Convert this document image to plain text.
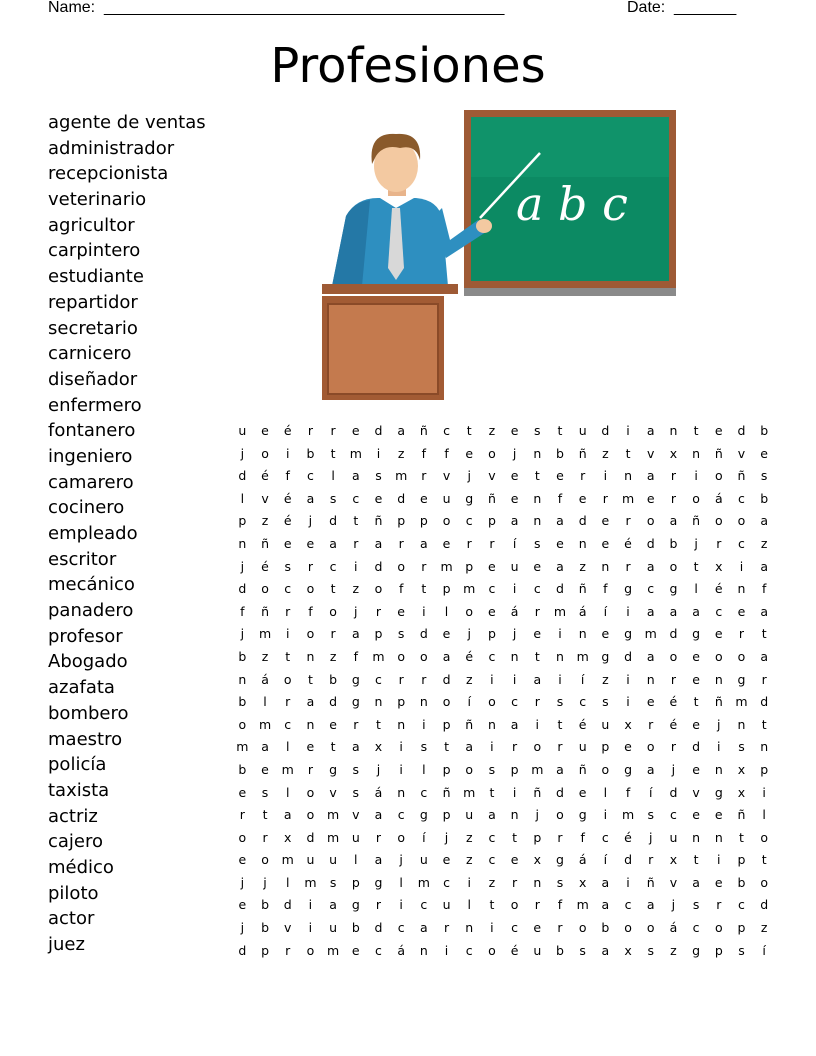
Name: _____________________________________________	Date: _______
Profesiones
a b c
agente de ventas
administrador
recepcionista
veterinario
agricultor
carpintero
estudiante
repartidor
secretario
carnicero
diseñador
enfermero
fontanero
ingeniero
camarero
cocinero
empleado
escritor
mecánico
panadero
profesor
Abogado
azafata
bombero
maestro
policía
taxista
actriz
cajero
médico
piloto
actor
juez
u	e	é	r	r	e	d	a	ñ	c	t	z	e	s	t	u	d	i	a	n	t	e	d	b
j	o	i	b	t	m	i	z	f	f	e	o	j	n	b	ñ	z	t	v	x	n	ñ	v	e
d	é	f	c	l	a	s	m	r	v	j	v	e	t	e	r	i	n	a	r	i	o	ñ	s
l	v	é	a	s	c	e	d	e	u	g	ñ	e	n	f	e	r	m	e	r	o	á	c	b
p	z	é	j	d	t	ñ	p	p	o	c	p	a	n	a	d	e	r	o	a	ñ	o	o	a
n	ñ	e	e	a	r	a	r	a	e	r	r	í	s	e	n	e	é	d	b	j	r	c	z
j	é	s	r	c	i	d	o	r	m	p	e	u	e	a	z	n	r	a	o	t	x	i	a
d	o	c	o	t	z	o	f	t	p	m	c	i	c	d	ñ	f	g	c	g	l	é	n	f
f	ñ	r	f	o	j	r	e	i	l	o	e	á	r	m	á	í	i	a	a	a	c	e	a
j	m	i	o	r	a	p	s	d	e	j	p	j	e	i	n	e	g	m	d	g	e	r	t
b	z	t	n	z	f	m	o	o	a	é	c	n	t	n	m	g	d	a	o	e	o	o	a
n	á	o	t	b	g	c	r	r	d	z	i	i	a	i	í	z	i	n	r	e	n	g	r
b	l	r	a	d	g	n	p	n	o	í	o	c	r	s	c	s	i	e	é	t	ñ	m	d
o	m	c	n	e	r	t	n	i	p	ñ	n	a	i	t	é	u	x	r	é	e	j	n	t
m	a	l	e	t	a	x	i	s	t	a	i	r	o	r	u	p	e	o	r	d	i	s	n
b	e	m	r	g	s	j	i	l	p	o	s	p	m	a	ñ	o	g	a	j	e	n	x	p
e	s	l	o	v	s	á	n	c	ñ	m	t	i	ñ	d	e	l	f	í	d	v	g	x	i
r	t	a	o	m	v	a	c	g	p	u	a	n	j	o	g	i	m	s	c	e	e	ñ	l
o	r	x	d	m	u	r	o	í	j	z	c	t	p	r	f	c	é	j	u	n	n	t	o
e	o	m	u	u	l	a	j	u	e	z	c	e	x	g	á	í	d	r	x	t	i	p	t
j	j	l	m	s	p	g	l	m	c	i	z	r	n	s	x	a	i	ñ	v	a	e	b	o
e	b	d	i	a	g	r	i	c	u	l	t	o	r	f	m	a	c	a	j	s	r	c	d
j	b	v	i	u	b	d	c	a	r	n	i	c	e	r	o	b	o	o	á	c	o	p	z
d	p	r	o	m	e	c	á	n	i	c	o	é	u	b	s	a	x	s	z	g	p	s	í
